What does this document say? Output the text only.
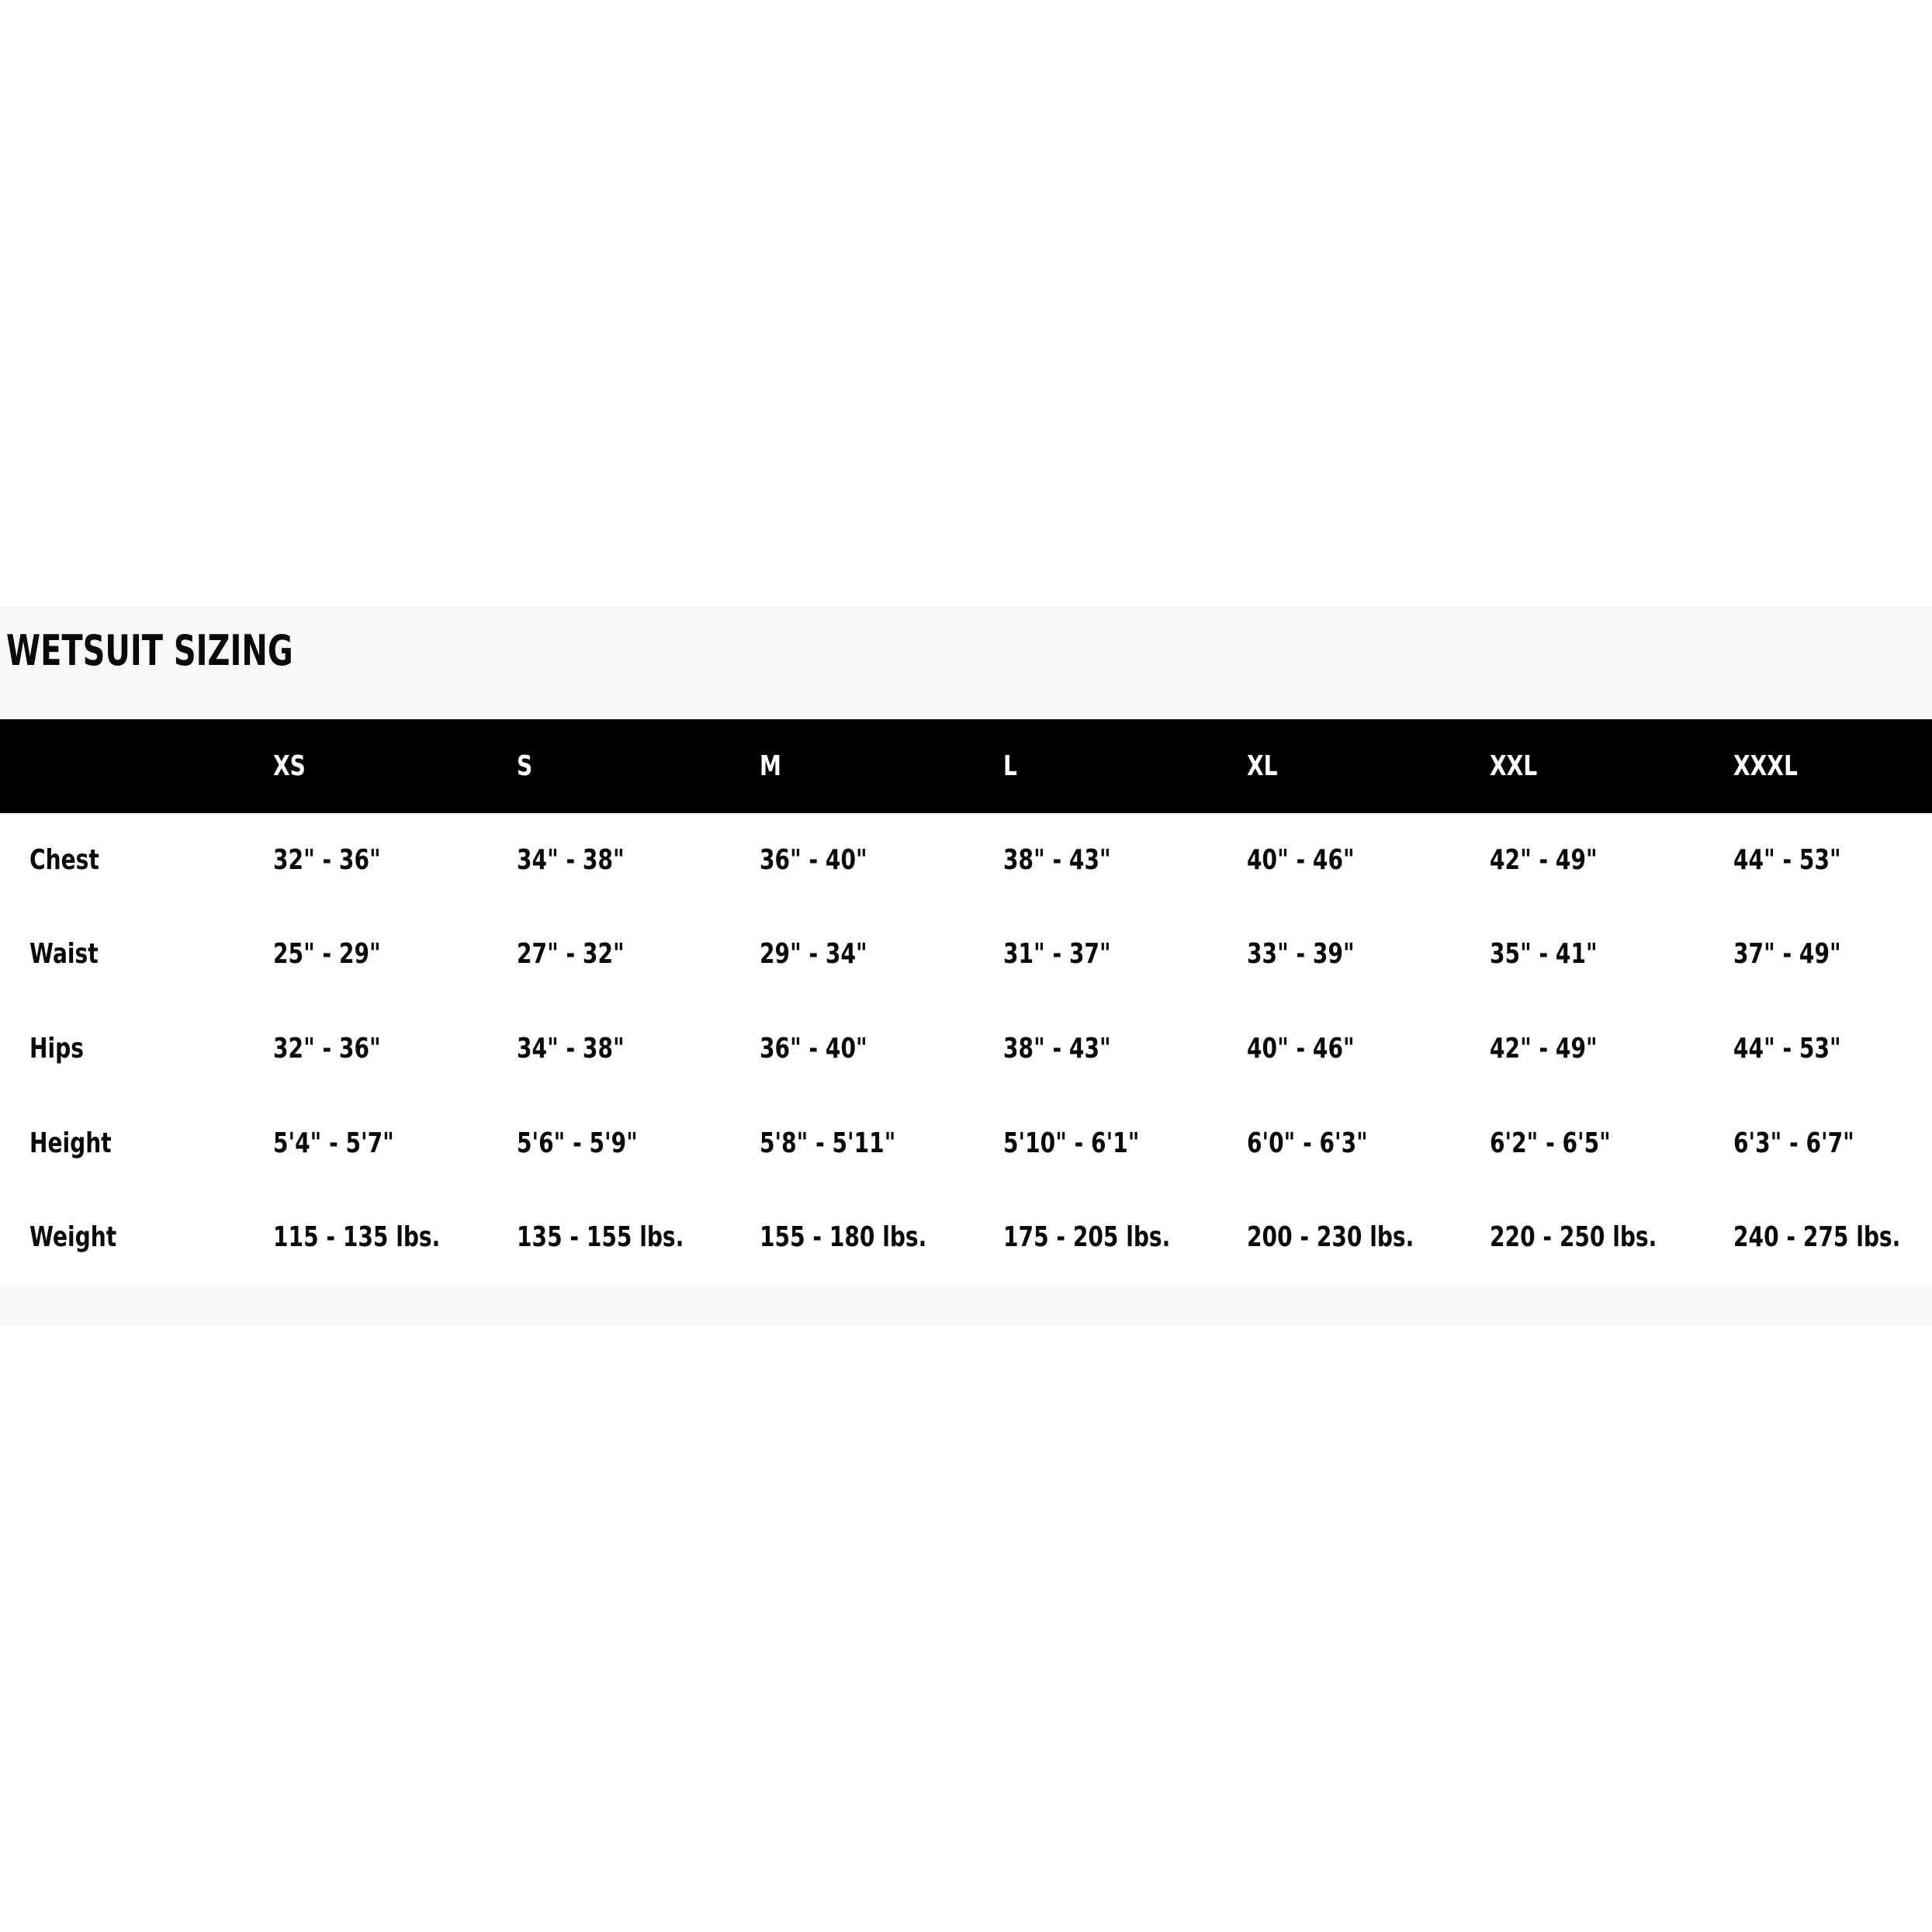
WETSUIT SIZING
	XS	S	M	L	XL	XXL	XXXL
Chest	32" - 36"	34" - 38"	36" - 40"	38" - 43"	40" - 46"	42" - 49"	44" - 53"
Waist	25" - 29"	27" - 32"	29" - 34"	31" - 37"	33" - 39"	35" - 41"	37" - 49"
Hips	32" - 36"	34" - 38"	36" - 40"	38" - 43"	40" - 46"	42" - 49"	44" - 53"
Height	5'4" - 5'7"	5'6" - 5'9"	5'8" - 5'11"	5'10" - 6'1"	6'0" - 6'3"	6'2" - 6'5"	6'3" - 6'7"
Weight	115 - 135 lbs.	135 - 155 lbs.	155 - 180 lbs.	175 - 205 lbs.	200 - 230 lbs.	220 - 250 lbs.	240 - 275 lbs.
